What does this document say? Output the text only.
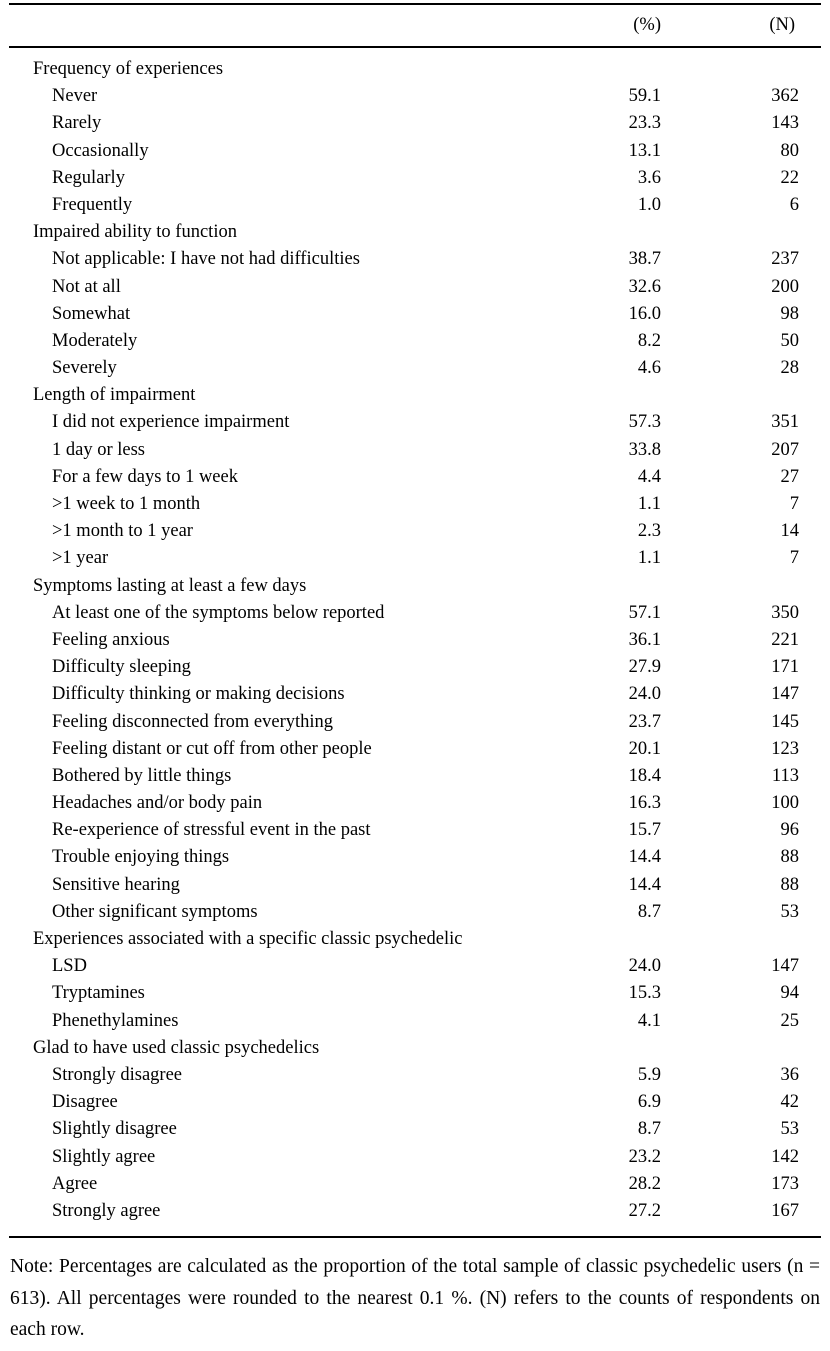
(%)	(N)
Frequency of experiences
Never	59.1	362
Rarely	23.3	143
Occasionally	13.1	80
Regularly	3.6	22
Frequently	1.0	6
Impaired ability to function
Not applicable: I have not had difficulties	38.7	237
Not at all	32.6	200
Somewhat	16.0	98
Moderately	8.2	50
Severely	4.6	28
Length of impairment
I did not experience impairment	57.3	351
1 day or less	33.8	207
For a few days to 1 week	4.4	27
>1 week to 1 month	1.1	7
>1 month to 1 year	2.3	14
>1 year	1.1	7
Symptoms lasting at least a few days
At least one of the symptoms below reported	57.1	350
Feeling anxious	36.1	221
Difficulty sleeping	27.9	171
Difficulty thinking or making decisions	24.0	147
Feeling disconnected from everything	23.7	145
Feeling distant or cut off from other people	20.1	123
Bothered by little things	18.4	113
Headaches and/or body pain	16.3	100
Re-experience of stressful event in the past	15.7	96
Trouble enjoying things	14.4	88
Sensitive hearing	14.4	88
Other significant symptoms	8.7	53
Experiences associated with a specific classic psychedelic
LSD	24.0	147
Tryptamines	15.3	94
Phenethylamines	4.1	25
Glad to have used classic psychedelics
Strongly disagree	5.9	36
Disagree	6.9	42
Slightly disagree	8.7	53
Slightly agree	23.2	142
Agree	28.2	173
Strongly agree	27.2	167
Note: Percentages are calculated as the proportion of the total sample of classic psychedelic users (n = 613). All percentages were rounded to the nearest 0.1 %. (N) refers to the counts of respondents on each row.
